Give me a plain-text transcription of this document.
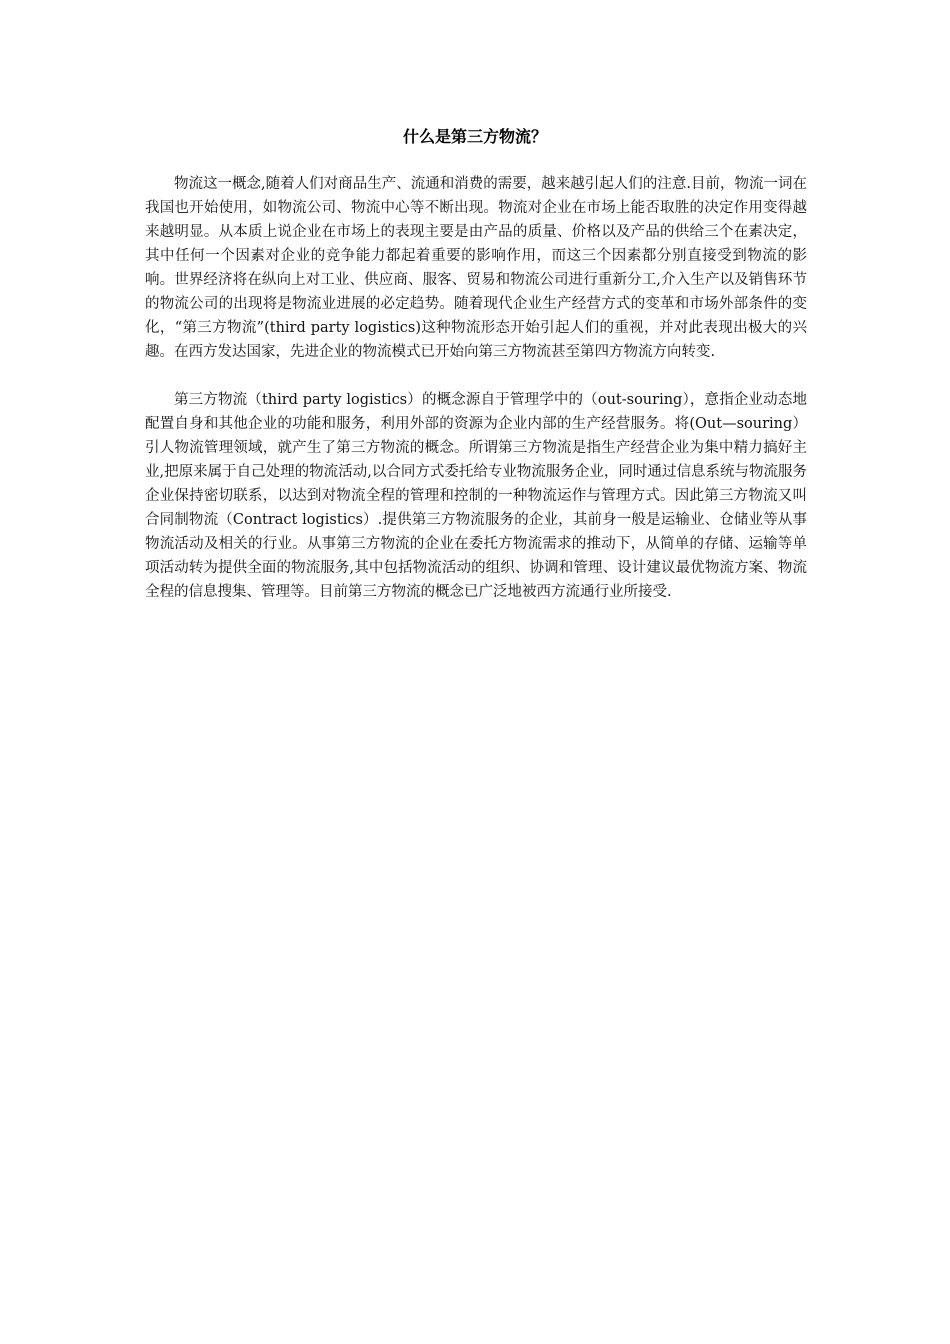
什么是第三方物流？

物流这一概念,随着人们对商品生产、流通和消费的需要，越来越引起人们的注意.目前，物流一词在我国也开始使用，如物流公司、物流中心等不断出现。物流对企业在市场上能否取胜的决定作用变得越来越明显。从本质上说企业在市场上的表现主要是由产品的质量、价格以及产品的供给三个在素决定，其中任何一个因素对企业的竞争能力都起着重要的影响作用，而这三个因素都分别直接受到物流的影响。世界经济将在纵向上对工业、供应商、服客、贸易和物流公司进行重新分工,介入生产以及销售环节的物流公司的出现将是物流业进展的必定趋势。随着现代企业生产经营方式的变革和市场外部条件的变化，“第三方物流”(third party logistics)这种物流形态开始引起人们的重视，并对此表现出极大的兴趣。在西方发达国家，先进企业的物流模式已开始向第三方物流甚至第四方物流方向转变.

第三方物流（third party logistics）的概念源自于管理学中的（out-souring），意指企业动态地配置自身和其他企业的功能和服务，利用外部的资源为企业内部的生产经营服务。将(Out—souring）引人物流管理领域，就产生了第三方物流的概念。所谓第三方物流是指生产经营企业为集中精力搞好主业,把原来属于自己处理的物流活动,以合同方式委托给专业物流服务企业，同时通过信息系统与物流服务企业保持密切联系，以达到对物流全程的管理和控制的一种物流运作与管理方式。因此第三方物流又叫合同制物流（Contract logistics）.提供第三方物流服务的企业，其前身一般是运输业、仓储业等从事物流活动及相关的行业。从事第三方物流的企业在委托方物流需求的推动下，从简单的存储、运输等单项活动转为提供全面的物流服务,其中包括物流活动的组织、协调和管理、设计建议最优物流方案、物流全程的信息搜集、管理等。目前第三方物流的概念已广泛地被西方流通行业所接受.
